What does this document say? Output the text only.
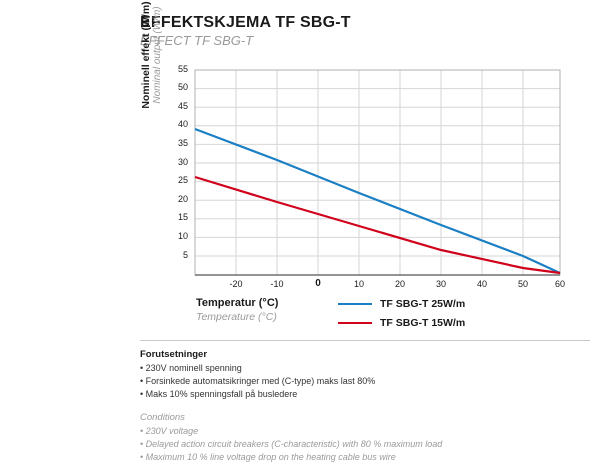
EFFEKTSKJEMA TF SBG-T
EFFECT TF SBG-T
Nominell effekt (W/m) Nominal output (W/m)	55
50
45
40
35
30
25
20
15
10
5
-20	-10	0	10	20	30	40	50	60
Temperatur (°C)
Temperature (°C)
TF SBG-T 25W/m
TF SBG-T 15W/m
Forutsetninger
• 230V nominell spenning
• Forsinkede automatsikringer med (C-type) maks last 80%
• Maks 10% spenningsfall på busledere
Conditions
• 230V voltage
• Delayed action circuit breakers (C-characteristic) with 80 % maximum load
• Maximum 10 % line voltage drop on the heating cable bus wire
